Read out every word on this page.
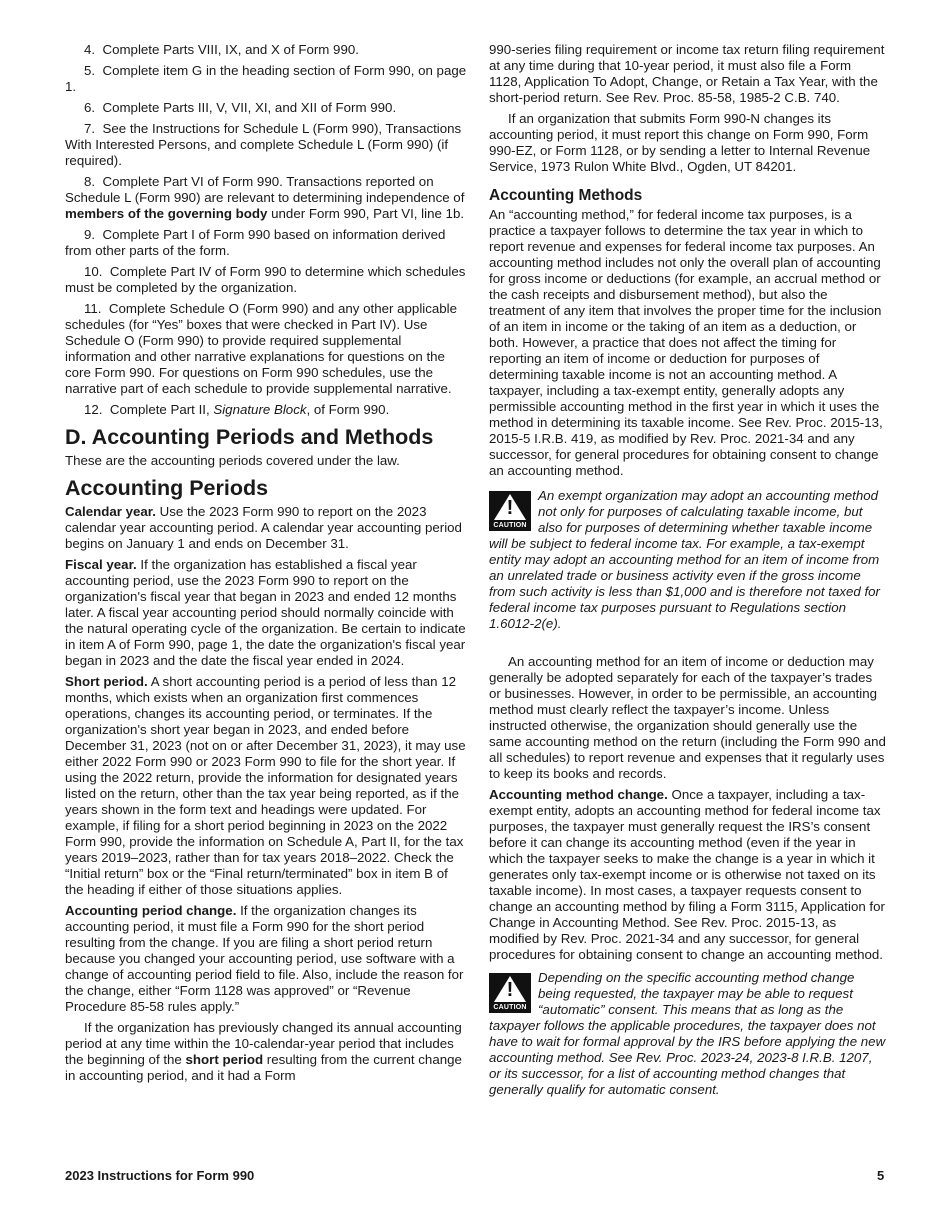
4. Complete Parts VIII, IX, and X of Form 990.

5. Complete item G in the heading section of Form 990, on page 1.

6. Complete Parts III, V, VII, XI, and XII of Form 990.

7. See the Instructions for Schedule L (Form 990), Transactions With Interested Persons, and complete Schedule L (Form 990) (if required).

8. Complete Part VI of Form 990. Transactions reported on Schedule L (Form 990) are relevant to determining independence of members of the governing body under Form 990, Part VI, line 1b.

9. Complete Part I of Form 990 based on information derived from other parts of the form.

10. Complete Part IV of Form 990 to determine which schedules must be completed by the organization.

11. Complete Schedule O (Form 990) and any other applicable schedules (for “Yes” boxes that were checked in Part IV). Use Schedule O (Form 990) to provide required supplemental information and other narrative explanations for questions on the core Form 990. For questions on Form 990 schedules, use the narrative part of each schedule to provide supplemental narrative.

12. Complete Part II, Signature Block, of Form 990.

D. Accounting Periods and Methods

These are the accounting periods covered under the law.

Accounting Periods

Calendar year. Use the 2023 Form 990 to report on the 2023 calendar year accounting period. A calendar year accounting period begins on January 1 and ends on December 31.

Fiscal year. If the organization has established a fiscal year accounting period, use the 2023 Form 990 to report on the organization's fiscal year that began in 2023 and ended 12 months later. A fiscal year accounting period should normally coincide with the natural operating cycle of the organization. Be certain to indicate in item A of Form 990, page 1, the date the organization's fiscal year began in 2023 and the date the fiscal year ended in 2024.

Short period. A short accounting period is a period of less than 12 months, which exists when an organization first commences operations, changes its accounting period, or terminates. If the organization's short year began in 2023, and ended before December 31, 2023 (not on or after December 31, 2023), it may use either 2022 Form 990 or 2023 Form 990 to file for the short year. If using the 2022 return, provide the information for designated years listed on the return, other than the tax year being reported, as if the years shown in the form text and headings were updated. For example, if filing for a short period beginning in 2023 on the 2022 Form 990, provide the information on Schedule A, Part II, for the tax years 2019–2023, rather than for tax years 2018–2022. Check the “Initial return” box or the “Final return/terminated” box in item B of the heading if either of those situations applies.

Accounting period change. If the organization changes its accounting period, it must file a Form 990 for the short period resulting from the change. If you are filing a short period return because you changed your accounting period, use software with a change of accounting period field to file. Also, include the reason for the change, either “Form 1128 was approved” or “Revenue Procedure 85-58 rules apply.”

If the organization has previously changed its annual accounting period at any time within the 10-calendar-year period that includes the beginning of the short period resulting from the current change in accounting period, and it had a Form

990-series filing requirement or income tax return filing requirement at any time during that 10-year period, it must also file a Form 1128, Application To Adopt, Change, or Retain a Tax Year, with the short-period return. See Rev. Proc. 85-58, 1985-2 C.B. 740.

If an organization that submits Form 990-N changes its accounting period, it must report this change on Form 990, Form 990-EZ, or Form 1128, or by sending a letter to Internal Revenue Service, 1973 Rulon White Blvd., Ogden, UT 84201.

Accounting Methods

An “accounting method,” for federal income tax purposes, is a practice a taxpayer follows to determine the tax year in which to report revenue and expenses for federal income tax purposes. An accounting method includes not only the overall plan of accounting for gross income or deductions (for example, an accrual method or the cash receipts and disbursement method), but also the treatment of any item that involves the proper time for the inclusion of an item in income or the taking of an item as a deduction, or both. However, a practice that does not affect the timing for reporting an item of income or deduction for purposes of determining taxable income is not an accounting method. A taxpayer, including a tax-exempt entity, generally adopts any permissible accounting method in the first year in which it uses the method in determining its taxable income. See Rev. Proc. 2015-13, 2015-5 I.R.B. 419, as modified by Rev. Proc. 2021-34 and any successor, for general procedures for obtaining consent to change an accounting method.

!
CAUTION
An exempt organization may adopt an accounting method not only for purposes of calculating taxable income, but also for purposes of determining whether taxable income will be subject to federal income tax. For example, a tax-exempt entity may adopt an accounting method for an item of income from an unrelated trade or business activity even if the gross income from such activity is less than $1,000 and is therefore not taxed for federal income tax purposes pursuant to Regulations section 1.6012-2(e).

An accounting method for an item of income or deduction may generally be adopted separately for each of the taxpayer’s trades or businesses. However, in order to be permissible, an accounting method must clearly reflect the taxpayer’s income. Unless instructed otherwise, the organization should generally use the same accounting method on the return (including the Form 990 and all schedules) to report revenue and expenses that it regularly uses to keep its books and records.

Accounting method change. Once a taxpayer, including a tax-exempt entity, adopts an accounting method for federal income tax purposes, the taxpayer must generally request the IRS’s consent before it can change its accounting method (even if the year in which the taxpayer seeks to make the change is a year in which it generates only tax-exempt income or is otherwise not taxed on its taxable income). In most cases, a taxpayer requests consent to change an accounting method by filing a Form 3115, Application for Change in Accounting Method. See Rev. Proc. 2015-13, as modified by Rev. Proc. 2021-34 and any successor, for general procedures for obtaining consent to change an accounting method.

!
CAUTION
Depending on the specific accounting method change being requested, the taxpayer may be able to request “automatic” consent. This means that as long as the taxpayer follows the applicable procedures, the taxpayer does not have to wait for formal approval by the IRS before applying the new accounting method. See Rev. Proc. 2023-24, 2023-8 I.R.B. 1207, or its successor, for a list of accounting method changes that generally qualify for automatic consent.
2023 Instructions for Form 990	5
